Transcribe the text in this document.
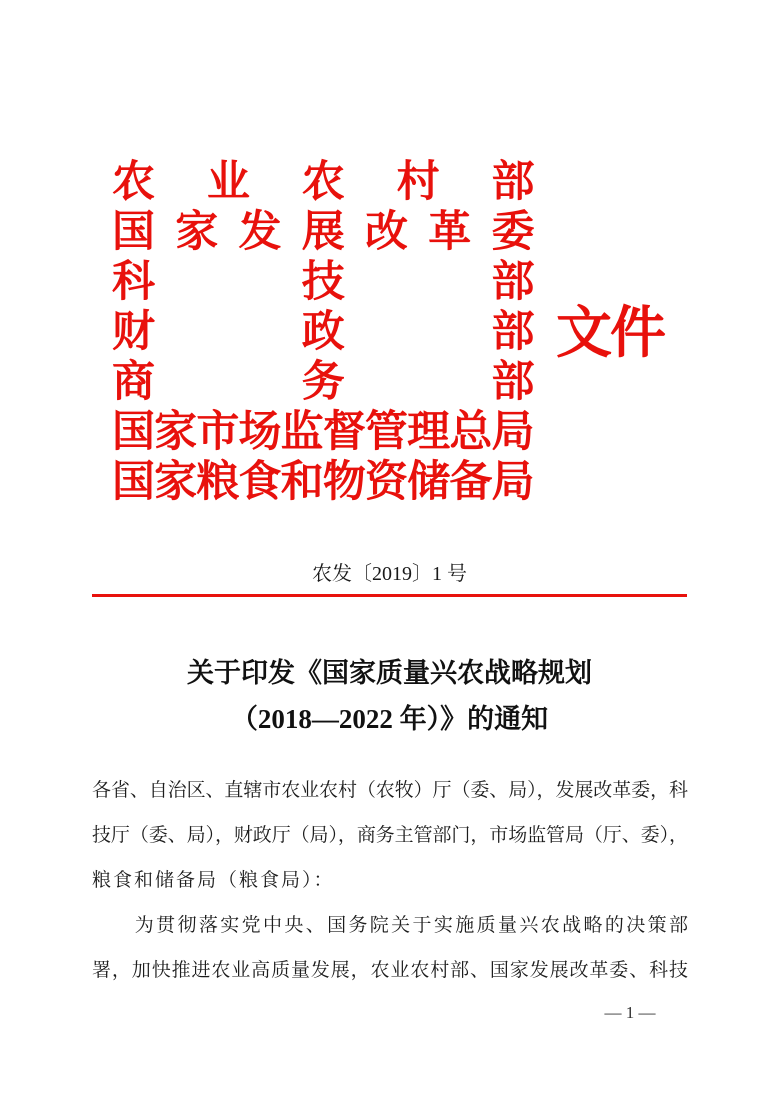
农业农村部
国家发展改革委
科技部
财政部
商务部
国家市场监督管理总局
国家粮食和物资储备局
文件
农发〔2019〕1 号
关于印发《国家质量兴农战略规划
（2018—2022 年）》的通知
各省、自治区、直辖市农业农村（农牧）厅（委、局），发展改革委，科
技厅（委、局），财政厅（局），商务主管部门，市场监管局（厅、委），
粮食和储备局（粮食局）：
　　为贯彻落实党中央、国务院关于实施质量兴农战略的决策部
署，加快推进农业高质量发展，农业农村部、国家发展改革委、科技
— 1 —
